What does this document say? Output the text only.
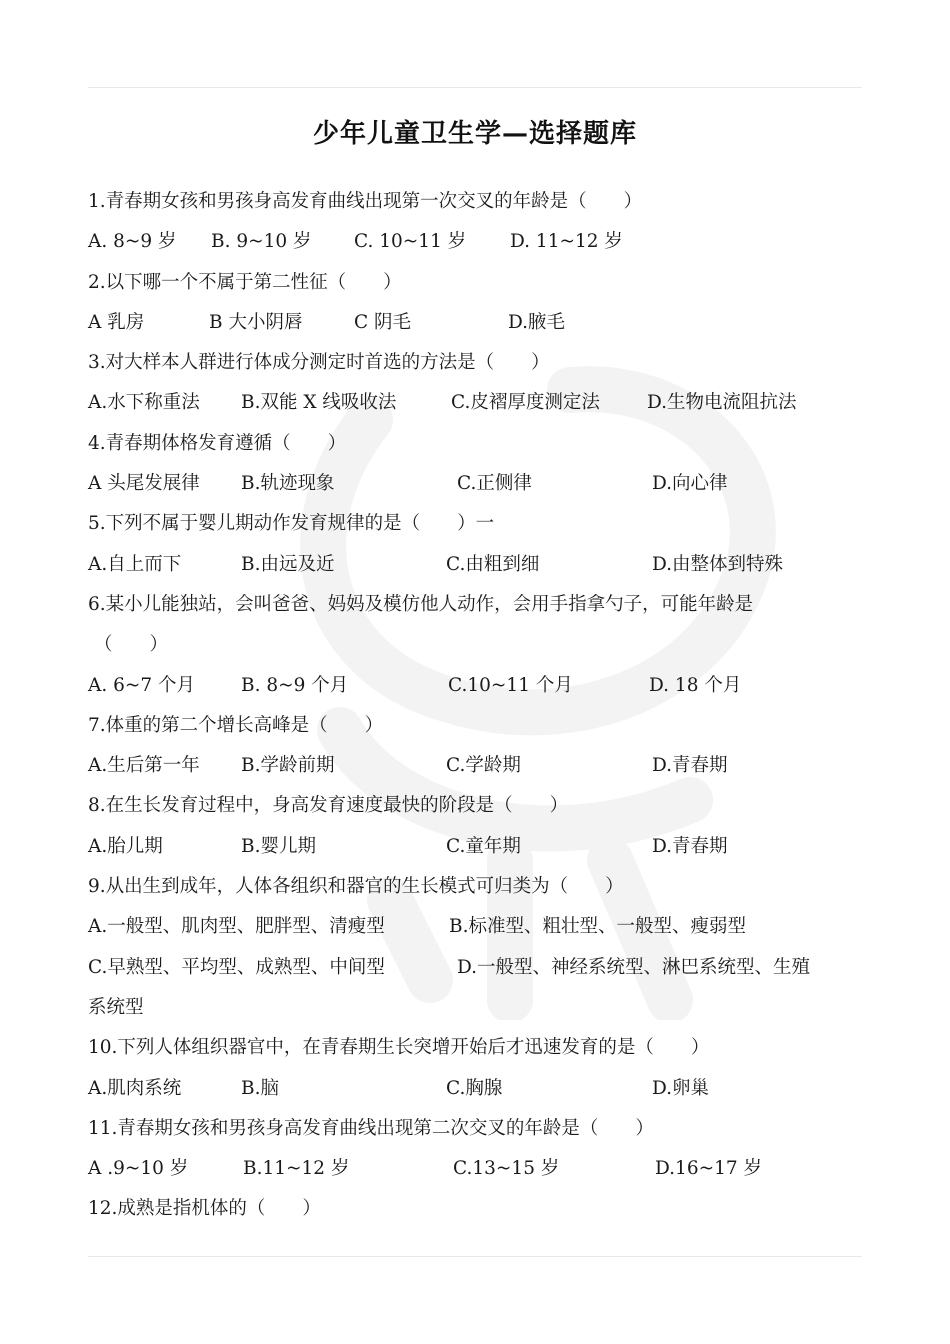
少年儿童卫生学—选择题库
1.青春期女孩和男孩身高发育曲线出现第一次交叉的年龄是（　　）
A. 8~9 岁 B. 9~10 岁 C. 10~11 岁 D. 11~12 岁
2.以下哪一个不属于第二性征（　　）
A 乳房	B 大小阴唇	C 阴毛	D.腋毛
3.对大样本人群进行体成分测定时首选的方法是（　　）
A.水下称重法 B.双能 X 线吸收法	C.皮褶厚度测定法	D.生物电流阻抗法
4.青春期体格发育遵循（　　）
A 头尾发展律 B.轨迹现象	C.正侧律	D.向心律
5.下列不属于婴儿期动作发育规律的是（　　）一
A.自上而下	B.由远及近	C.由粗到细	D.由整体到特殊
6.某小儿能独站，会叫爸爸、妈妈及模仿他人动作，会用手指拿勺子，可能年龄是
（　　）
A. 6~7 个月 B. 8~9 个月	C.10~11 个月	D. 18 个月
7.体重的第二个增长高峰是（　　）
A.生后第一年 B.学龄前期	C.学龄期	D.青春期
8.在生长发育过程中，身高发育速度最快的阶段是（　　）
A.胎儿期	B.婴儿期	C.童年期	D.青春期
9.从出生到成年，人体各组织和器官的生长模式可归类为（　　）
A.一般型、肌肉型、肥胖型、清瘦型	B.标准型、粗壮型、一般型、瘦弱型
C.早熟型、平均型、成熟型、中间型	D.一般型、神经系统型、淋巴系统型、生殖
系统型
10.下列人体组织器官中，在青春期生长突增开始后才迅速发育的是（　　）
A.肌肉系统	B.脑	C.胸腺	D.卵巢
11.青春期女孩和男孩身高发育曲线出现第二次交叉的年龄是（　　）
A .9~10 岁	B.11~12 岁	C.13~15 岁	D.16~17 岁
12.成熟是指机体的（　　）
